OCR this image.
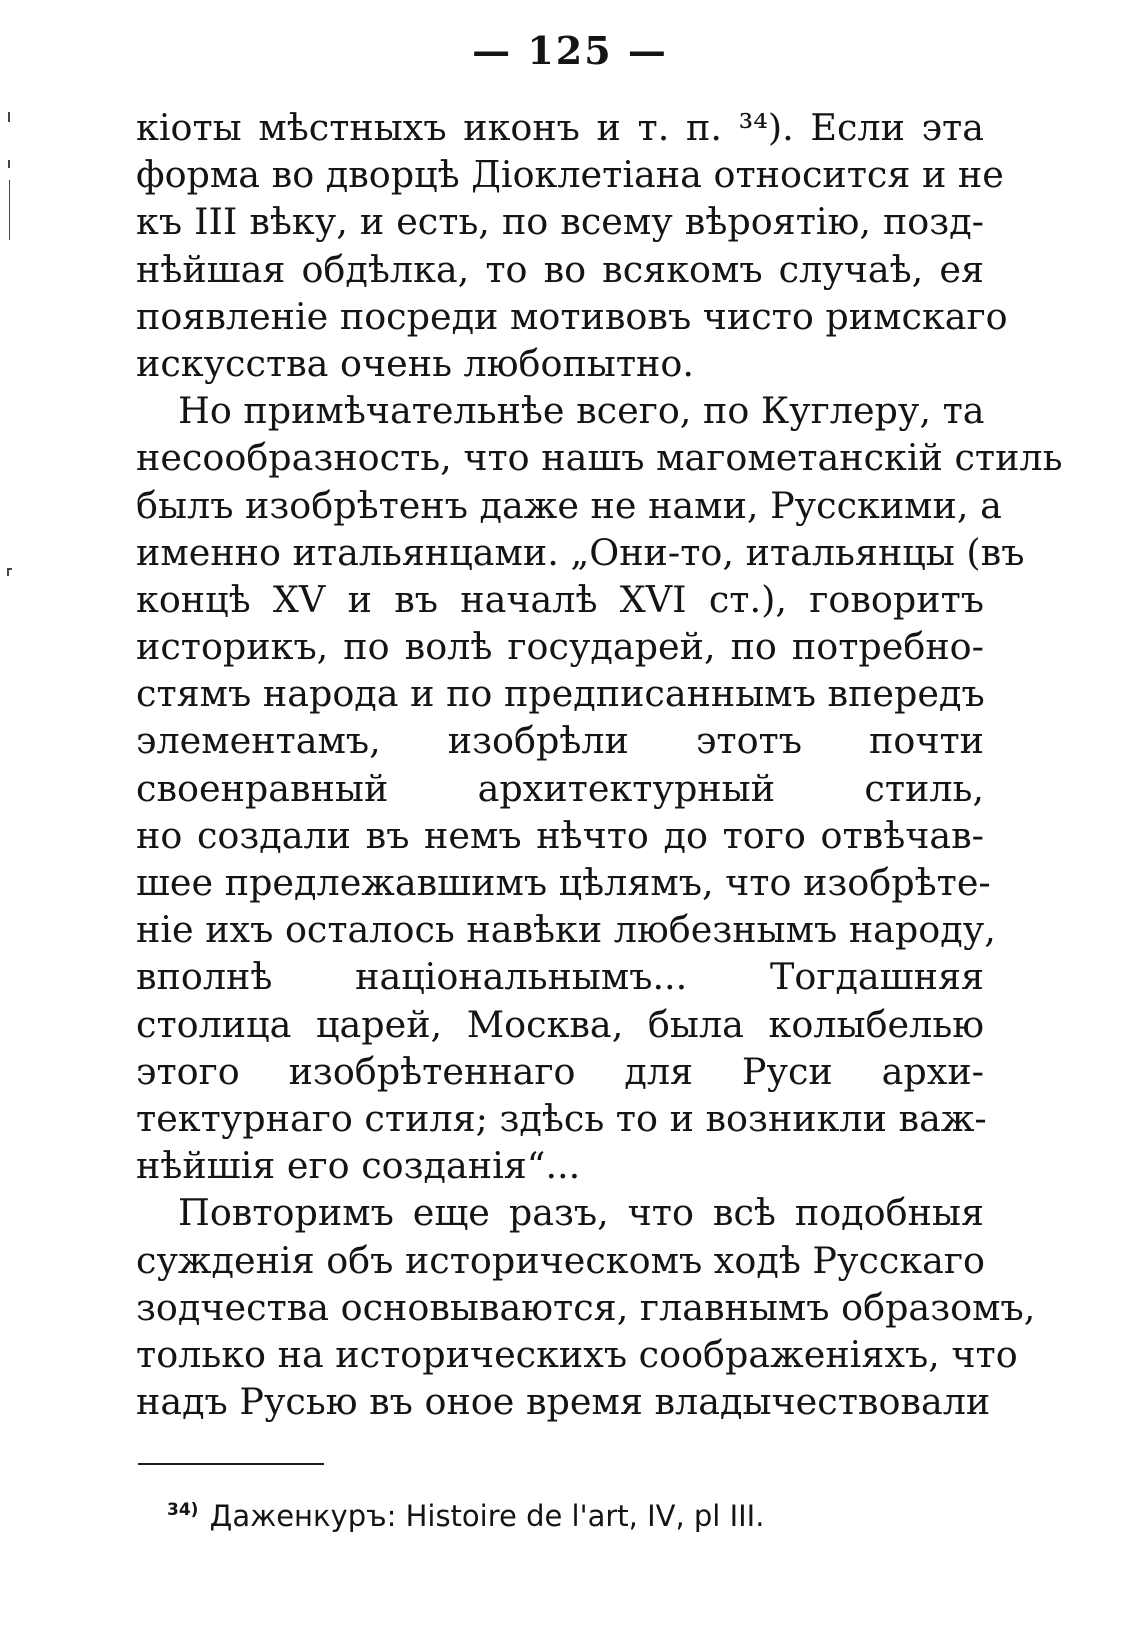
— 125 —
кіоты мѣстныхъ иконъ и т. п. ³⁴). Если эта
форма во дворцѣ Діоклетіана относится и не
къ III вѣку, и есть, по всему вѣроятію, позд-
нѣйшая обдѣлка, то во всякомъ случаѣ, ея
появленіе посреди мотивовъ чисто римскаго
искусства очень любопытно.
Но примѣчательнѣе всего, по Куглеру, та
несообразность, что нашъ магометанскій стиль
былъ изобрѣтенъ даже не нами, Русскими, а
именно итальянцами. „Они-то, итальянцы (въ
концѣ XV и въ началѣ XVI ст.), говоритъ
историкъ, по волѣ государей, по потребно-
стямъ народа и по предписаннымъ впередъ
элементамъ, изобрѣли этотъ почти
своенравный архитектурный стиль,
но создали въ немъ нѣчто до того отвѣчав-
шее предлежавшимъ цѣлямъ, что изобрѣте-
ніе ихъ осталось навѣки любезнымъ народу,
вполнѣ національнымъ... Тогдашняя
столица царей, Москва, была колыбелью
этого изобрѣтеннаго для Руси архи-
тектурнаго стиля; здѣсь то и возникли важ-
нѣйшія его созданія“...
Повторимъ еще разъ, что всѣ подобныя
сужденія объ историческомъ ходѣ Русскаго
зодчества основываются, главнымъ образомъ,
только на историческихъ соображеніяхъ, что
надъ Русью въ оное время владычествовали
$^{34)}$ Даженкуръ: Histoire de l'art, IV, pl III.
